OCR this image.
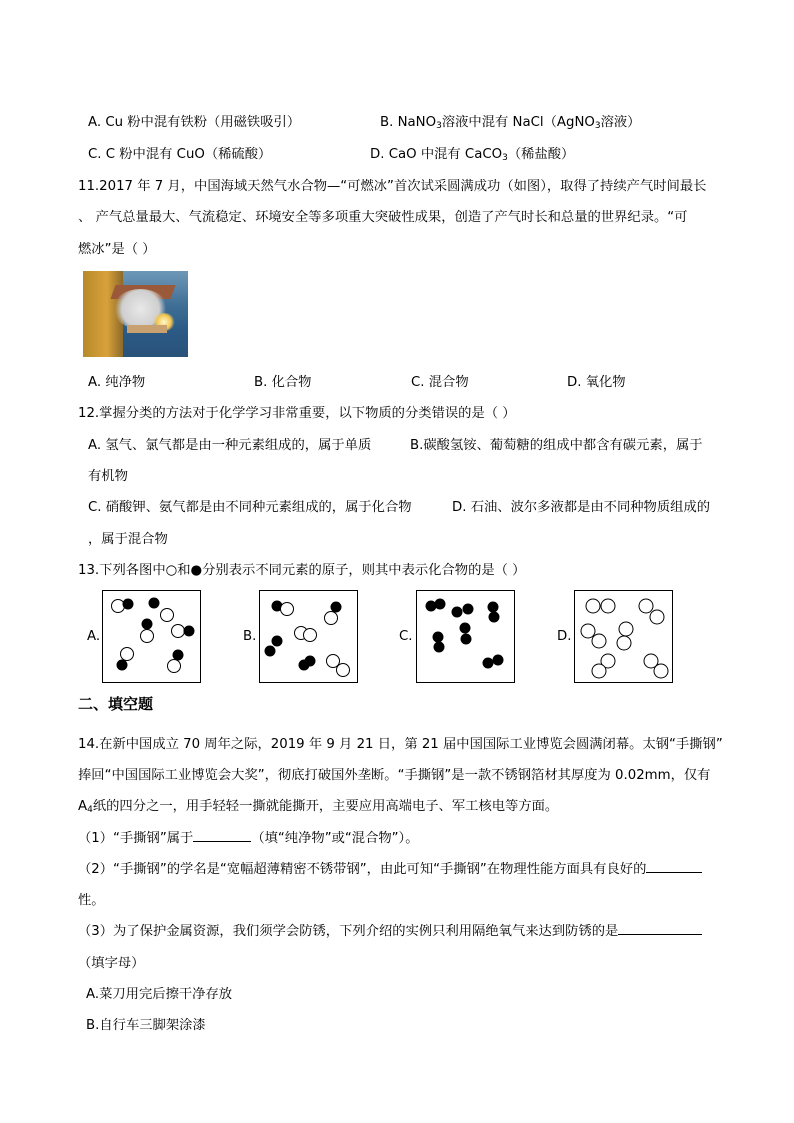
A. Cu 粉中混有铁粉（用磁铁吸引）	B. NaNO$_3$溶液中混有 NaCl（AgNO$_3$溶液）
C. C 粉中混有 CuO（稀硫酸）	D. CaO 中混有 CaCO$_3$（稀盐酸）
11.2017 年 7 月，中国海域天然气水合物—“可燃冰”首次试采圆满成功（如图），取得了持续产气时间最长
、 产气总量最大、气流稳定、环境安全等多项重大突破性成果，创造了产气时长和总量的世界纪录。“可
燃冰”是（ ）
A. 纯净物	B. 化合物	C. 混合物	D. 氧化物
12.掌握分类的方法对于化学学习非常重要，以下物质的分类错误的是（ ）
A. 氢气、氯气都是由一种元素组成的，属于单质	B.碳酸氢铵、葡萄糖的组成中都含有碳元素，属于
有机物
C. 硝酸钾、氨气都是由不同种元素组成的，属于化合物	D. 石油、波尔多液都是由不同种物质组成的
，属于混合物
13.下列各图中○和●分别表示不同元素的原子，则其中表示化合物的是（ ）
A.	B.	C.	D.
二、填空题
14.在新中国成立 70 周年之际，2019 年 9 月 21 日，第 21 届中国国际工业博览会圆满闭幕。太钢“手撕钢”
捧回“中国国际工业博览会大奖”，彻底打破国外垄断。“手撕钢”是一款不锈钢箔材其厚度为 0.02mm，仅有
$A_4$纸的四分之一，用手轻轻一撕就能撕开，主要应用高端电子、军工核电等方面。
（1）“手撕钢”属于	（填“纯净物”或“混合物”）。
（2）“手撕钢”的学名是“宽幅超薄精密不锈带钢”，由此可知“手撕钢”在物理性能方面具有良好的
性。
（3）为了保护金属资源，我们须学会防锈，下列介绍的实例只利用隔绝氧气来达到防锈的是
（填字母）
A.菜刀用完后擦干净存放
B.自行车三脚架涂漆
